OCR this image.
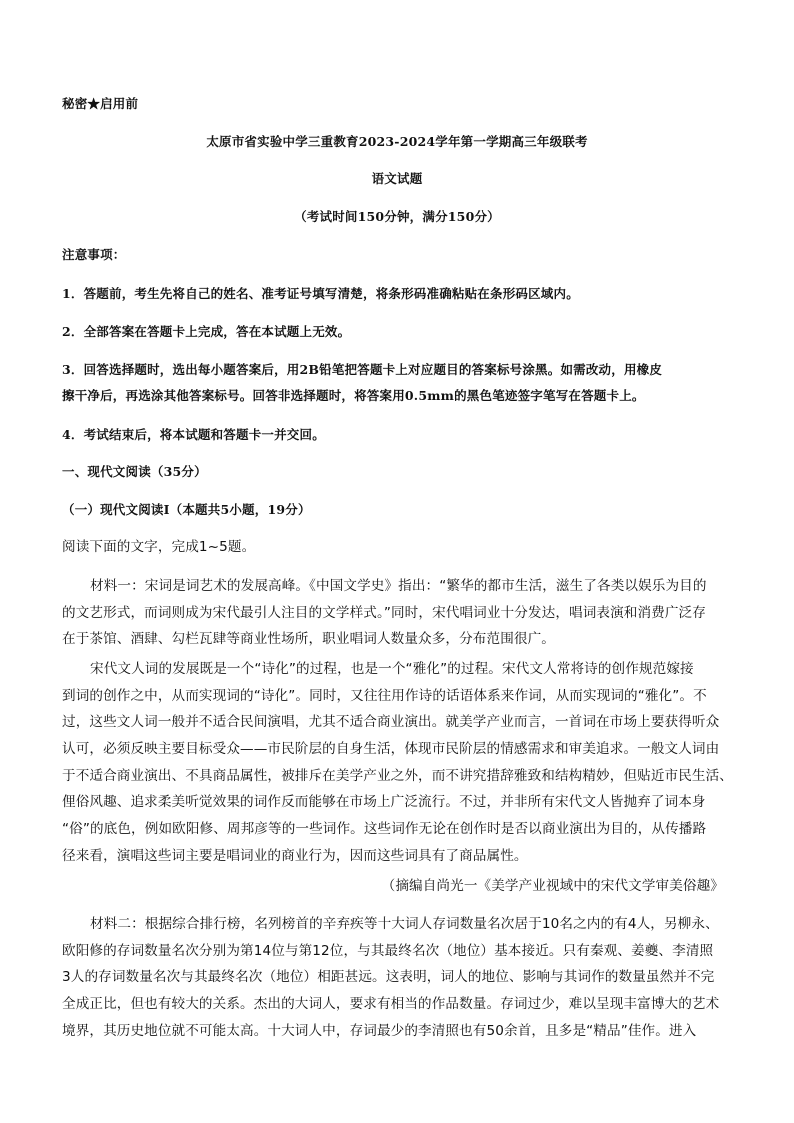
秘密★启用前
太原市省实验中学三重教育2023-2024学年第一学期高三年级联考
语文试题
（考试时间150分钟，满分150分）
注意事项：
1．答题前，考生先将自己的姓名、准考证号填写清楚，将条形码准确粘贴在条形码区域内。
2．全部答案在答题卡上完成，答在本试题上无效。
3．回答选择题时，选出每小题答案后，用2B铅笔把答题卡上对应题目的答案标号涂黑。如需改动，用橡皮
擦干净后，再选涂其他答案标号。回答非选择题时，将答案用0.5mm的黑色笔迹签字笔写在答题卡上。
4．考试结束后，将本试题和答题卡一并交回。
一、现代文阅读（35分）
（一）现代文阅读Ⅰ（本题共5小题，19分）
阅读下面的文字，完成1~5题。
材料一：宋词是词艺术的发展高峰。《中国文学史》指出：“繁华的都市生活，滋生了各类以娱乐为目的
的文艺形式，而词则成为宋代最引人注目的文学样式。”同时，宋代唱词业十分发达，唱词表演和消费广泛存
在于茶馆、酒肆、勾栏瓦肆等商业性场所，职业唱词人数量众多，分布范围很广。
宋代文人词的发展既是一个“诗化”的过程，也是一个“雅化”的过程。宋代文人常将诗的创作规范嫁接
到词的创作之中，从而实现词的“诗化”。同时，又往往用作诗的话语体系来作词，从而实现词的“雅化”。不
过，这些文人词一般并不适合民间演唱，尤其不适合商业演出。就美学产业而言，一首词在市场上要获得听众
认可，必须反映主要目标受众——市民阶层的自身生活，体现市民阶层的情感需求和审美追求。一般文人词由
于不适合商业演出、不具商品属性，被排斥在美学产业之外，而不讲究措辞雅致和结构精妙，但贴近市民生活、
俚俗风趣、追求柔美听觉效果的词作反而能够在市场上广泛流行。不过，并非所有宋代文人皆抛弃了词本身
“俗”的底色，例如欧阳修、周邦彦等的一些词作。这些词作无论在创作时是否以商业演出为目的，从传播路
径来看，演唱这些词主要是唱词业的商业行为，因而这些词具有了商品属性。
（摘编自尚光一《美学产业视域中的宋代文学审美俗趣》
材料二：根据综合排行榜，名列榜首的辛弃疾等十大词人存词数量名次居于10名之内的有4人，另柳永、
欧阳修的存词数量名次分别为第14位与第12位，与其最终名次（地位）基本接近。只有秦观、姜夔、李清照
3人的存词数量名次与其最终名次（地位）相距甚远。这表明，词人的地位、影响与其词作的数量虽然并不完
全成正比，但也有较大的关系。杰出的大词人，要求有相当的作品数量。存词过少，难以呈现丰富博大的艺术
境界，其历史地位就不可能太高。十大词人中，存词最少的李清照也有50余首，且多是“精品”佳作。进入
